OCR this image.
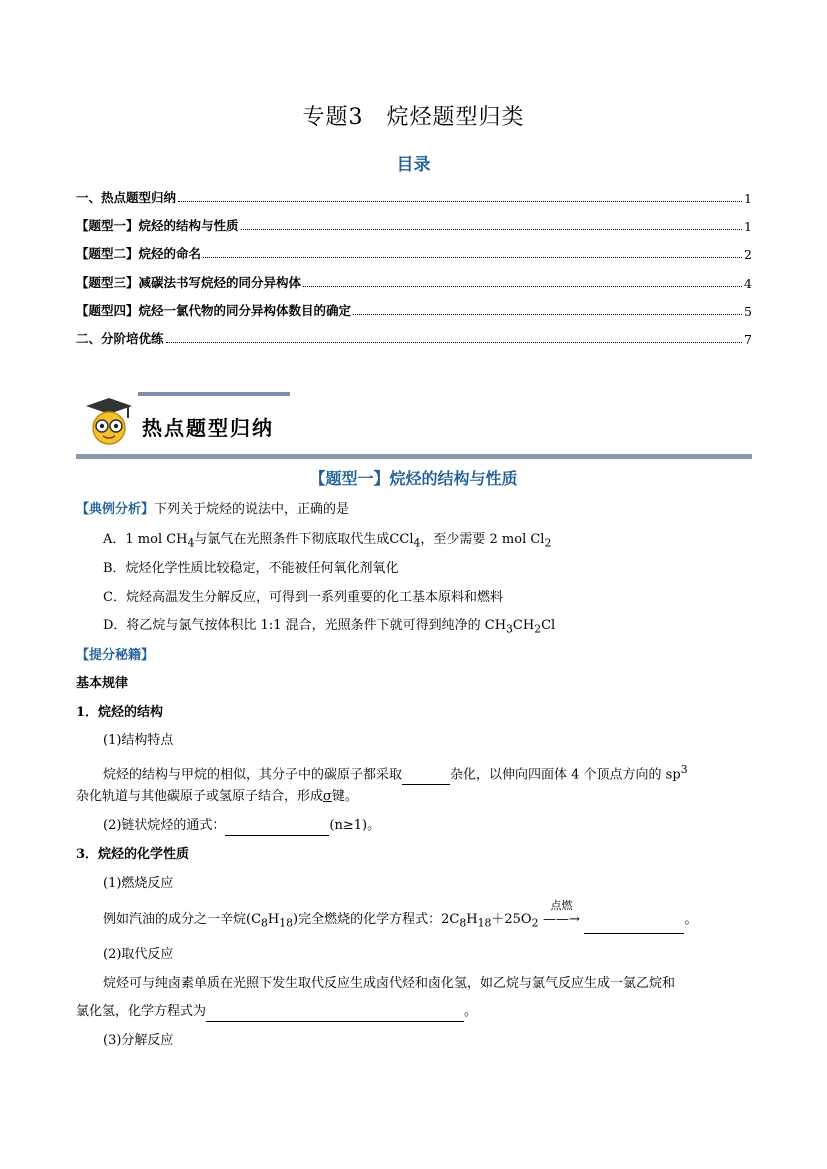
专题3　烷烃题型归类
目录
一、热点题型归纳	1
【题型一】烷烃的结构与性质	1
【题型二】烷烃的命名	2
【题型三】减碳法书写烷烃的同分异构体	4
【题型四】烷烃一氯代物的同分异构体数目的确定	5
二、分阶培优练	7
热点题型归纳
【题型一】烷烃的结构与性质
【典例分析】下列关于烷烃的说法中，正确的是
A．1 mol $CH_4$与氯气在光照条件下彻底取代生成CCl$_4$，至少需要 2 mol $Cl_2$
B．烷烃化学性质比较稳定，不能被任何氧化剂氧化
C．烷烃高温发生分解反应，可得到一系列重要的化工基本原料和燃料
D．将乙烷与氯气按体积比 1:1 混合，光照条件下就可得到纯净的 $CH_3CH_2Cl$
【提分秘籍】
基本规律
1．烷烃的结构
(1)结构特点
烷烃的结构与甲烷的相似，其分子中的碳原子都采取	杂化，以伸向四面体 4 个顶点方向的 $sp^3$
杂化轨道与其他碳原子或氢原子结合，形成σ键。
(2)链状烷烃的通式：	(n≥1)。
3．烷烃的化学性质
(1)燃烧反应
例如汽油的成分之一辛烷$(C_8H_{18})$完全燃烧的化学方程式：$2C_8H_{18}+25O_2$
点燃
——→	。
(2)取代反应
烷烃可与纯卤素单质在光照下发生取代反应生成卤代烃和卤化氢，如乙烷与氯气反应生成一氯乙烷和
氯化氢，化学方程式为	。
(3)分解反应
